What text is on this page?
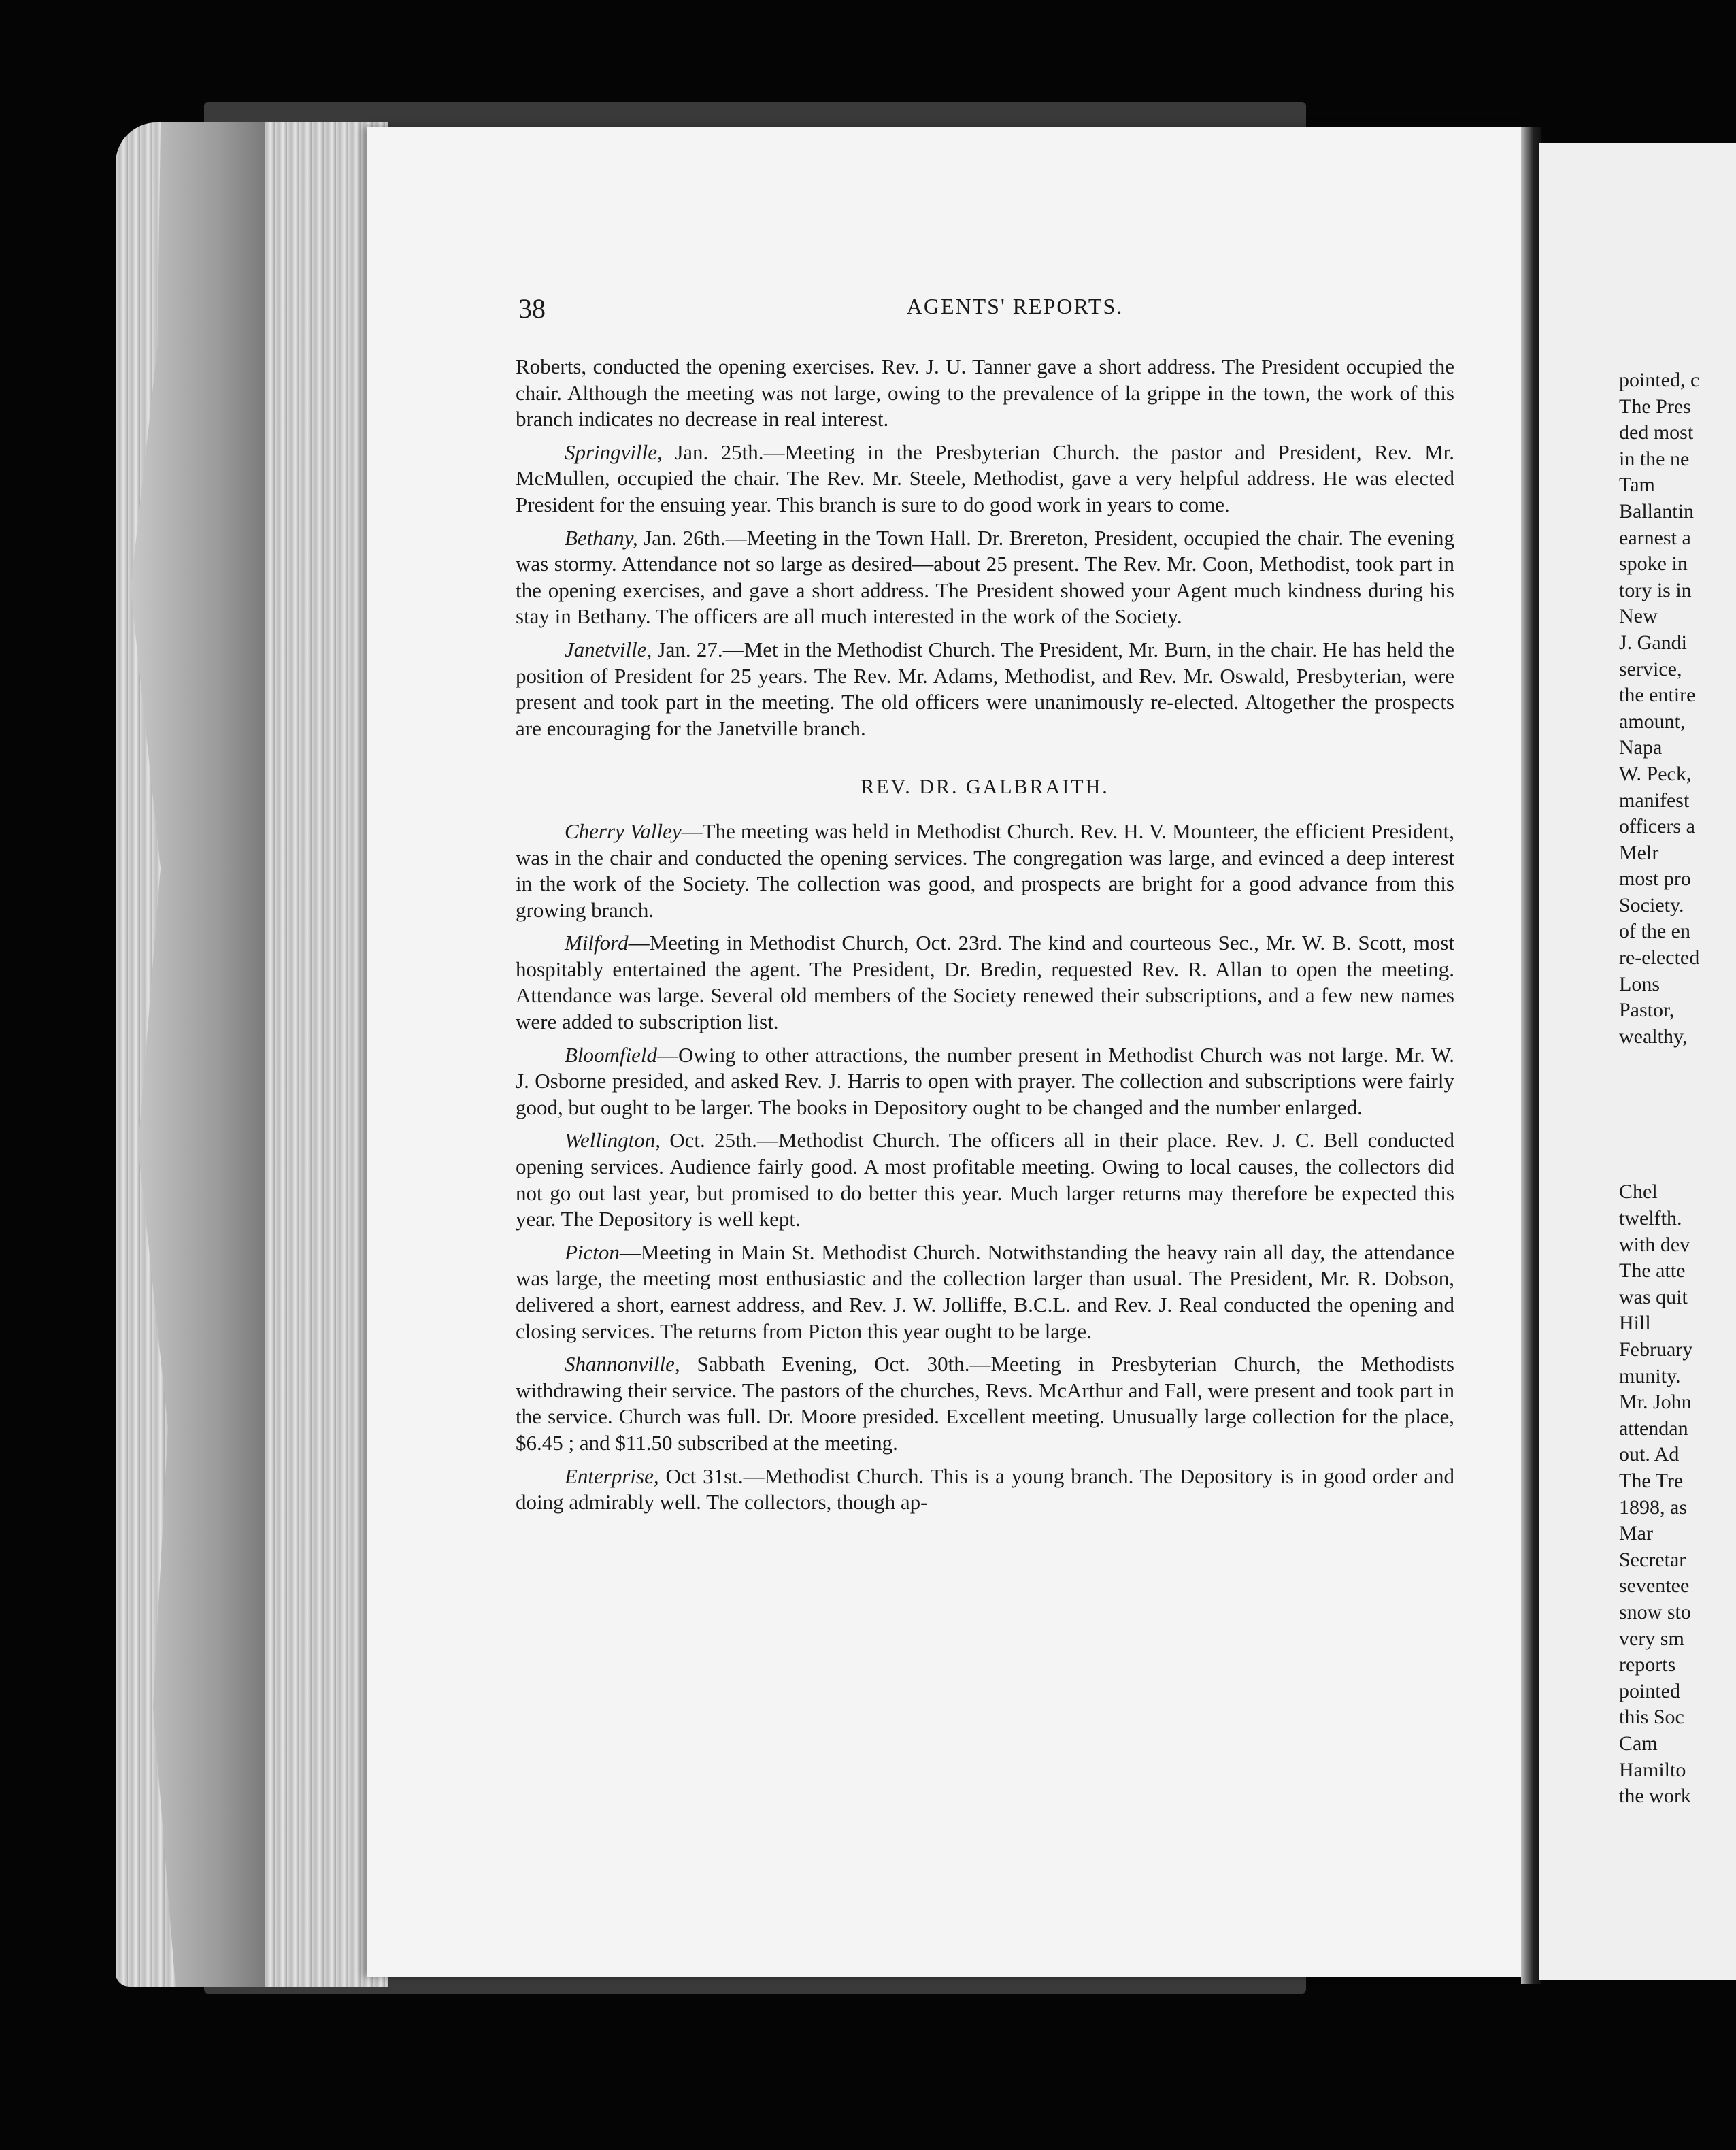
38	AGENTS' REPORTS.

Roberts, conducted the opening exercises. Rev. J. U. Tanner gave a short address. The President occupied the chair. Although the meeting was not large, owing to the prevalence of la grippe in the town, the work of this branch indicates no decrease in real interest.

Springville, Jan. 25th.—Meeting in the Presbyterian Church. the pastor and President, Rev. Mr. McMullen, occupied the chair. The Rev. Mr. Steele, Methodist, gave a very helpful address. He was elected President for the ensuing year. This branch is sure to do good work in years to come.

Bethany, Jan. 26th.—Meeting in the Town Hall. Dr. Brereton, President, occupied the chair. The evening was stormy. Attendance not so large as desired—about 25 present. The Rev. Mr. Coon, Methodist, took part in the opening exercises, and gave a short address. The President showed your Agent much kindness during his stay in Bethany. The officers are all much interested in the work of the Society.

Janetville, Jan. 27.—Met in the Methodist Church. The President, Mr. Burn, in the chair. He has held the position of President for 25 years. The Rev. Mr. Adams, Methodist, and Rev. Mr. Oswald, Presbyterian, were present and took part in the meeting. The old officers were unanimously re-elected. Altogether the prospects are encouraging for the Janetville branch.

REV. DR. GALBRAITH.

Cherry Valley—The meeting was held in Methodist Church. Rev. H. V. Mounteer, the efficient President, was in the chair and conducted the opening services. The congregation was large, and evinced a deep interest in the work of the Society. The collection was good, and prospects are bright for a good advance from this growing branch.

Milford—Meeting in Methodist Church, Oct. 23rd. The kind and courteous Sec., Mr. W. B. Scott, most hospitably entertained the agent. The President, Dr. Bredin, requested Rev. R. Allan to open the meeting. Attendance was large. Several old members of the Society renewed their subscriptions, and a few new names were added to subscription list.

Bloomfield—Owing to other attractions, the number present in Methodist Church was not large. Mr. W. J. Osborne presided, and asked Rev. J. Harris to open with prayer. The collection and subscriptions were fairly good, but ought to be larger. The books in Depository ought to be changed and the number enlarged.

Wellington, Oct. 25th.—Methodist Church. The officers all in their place. Rev. J. C. Bell conducted opening services. Audience fairly good. A most profitable meeting. Owing to local causes, the collectors did not go out last year, but promised to do better this year. Much larger returns may therefore be expected this year. The Depository is well kept.

Picton—Meeting in Main St. Methodist Church. Notwithstanding the heavy rain all day, the attendance was large, the meeting most enthusiastic and the collection larger than usual. The President, Mr. R. Dobson, delivered a short, earnest address, and Rev. J. W. Jolliffe, B.C.L. and Rev. J. Real conducted the opening and closing services. The returns from Picton this year ought to be large.

Shannonville, Sabbath Evening, Oct. 30th.—Meeting in Presbyterian Church, the Methodists withdrawing their service. The pastors of the churches, Revs. McArthur and Fall, were present and took part in the service. Church was full. Dr. Moore presided. Excellent meeting. Unusually large collection for the place, $6.45 ; and $11.50 subscribed at the meeting.

Enterprise, Oct 31st.—Methodist Church. This is a young branch. The Depository is in good order and doing admirably well. The collectors, though ap-

pointed, c
The Pres
ded most
in the ne
Tam
Ballantin
earnest a
spoke in
tory is in
New
J. Gandi
service,
the entire
amount,
Napa
W. Peck,
manifest
officers a
Melr
most pro
Society.
of the en
re-elected
Lons
Pastor,
wealthy,
Chel
twelfth.
with dev
The atte
was quit
Hill
February
munity.
Mr. John
attendan
out. Ad
The Tre
1898, as
Mar
Secretar
seventee
snow sto
very sm
reports
pointed
this Soc
Cam
Hamilto
the work
